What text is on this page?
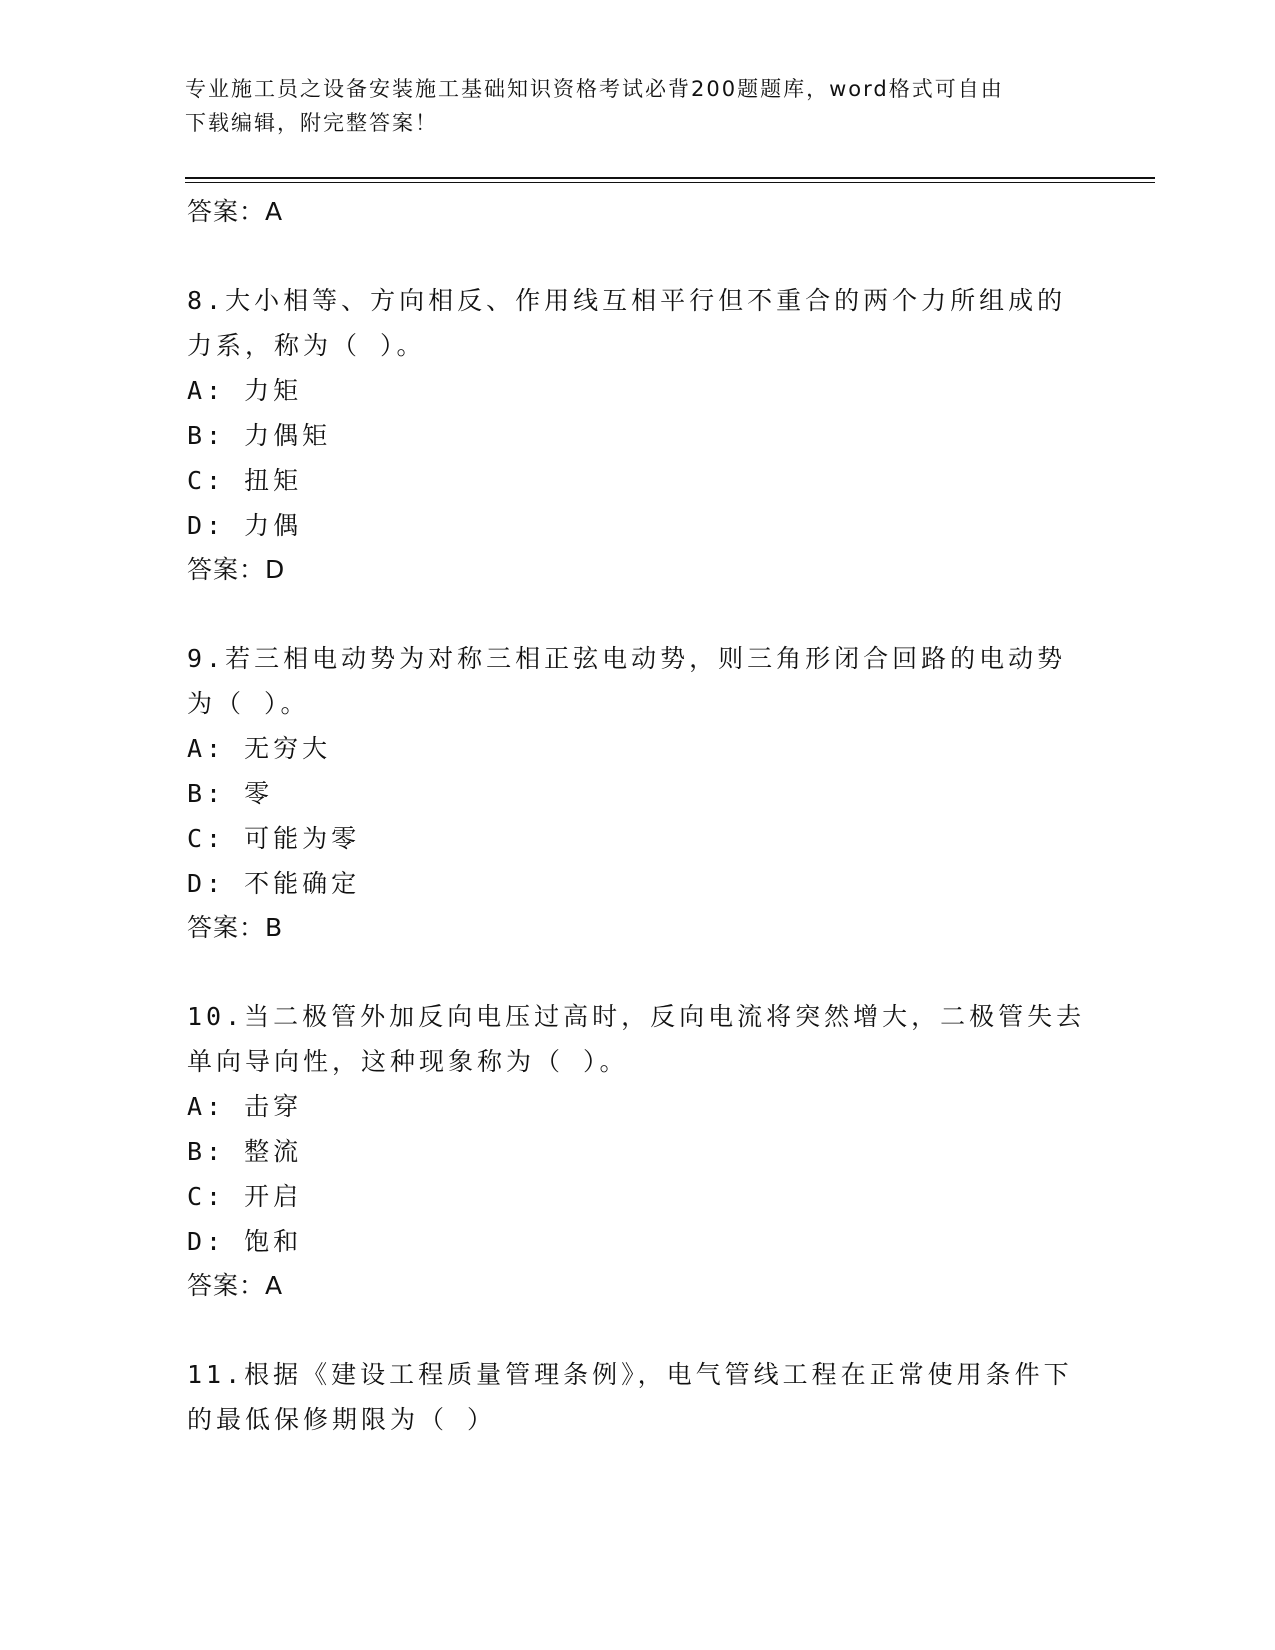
专业施工员之设备安装施工基础知识资格考试必背200题题库，word格式可自由
下载编辑，附完整答案！
答案：A
8.大小相等、方向相反、作用线互相平行但不重合的两个力所组成的
力系，称为（ ）。
A: 力矩
B: 力偶矩
C: 扭矩
D: 力偶
答案：D
9.若三相电动势为对称三相正弦电动势，则三角形闭合回路的电动势
为（ ）。
A: 无穷大
B: 零
C: 可能为零
D: 不能确定
答案：B
10.当二极管外加反向电压过高时，反向电流将突然增大，二极管失去
单向导向性，这种现象称为（ ）。
A: 击穿
B: 整流
C: 开启
D: 饱和
答案：A
11.根据《建设工程质量管理条例》，电气管线工程在正常使用条件下
的最低保修期限为（ ）
